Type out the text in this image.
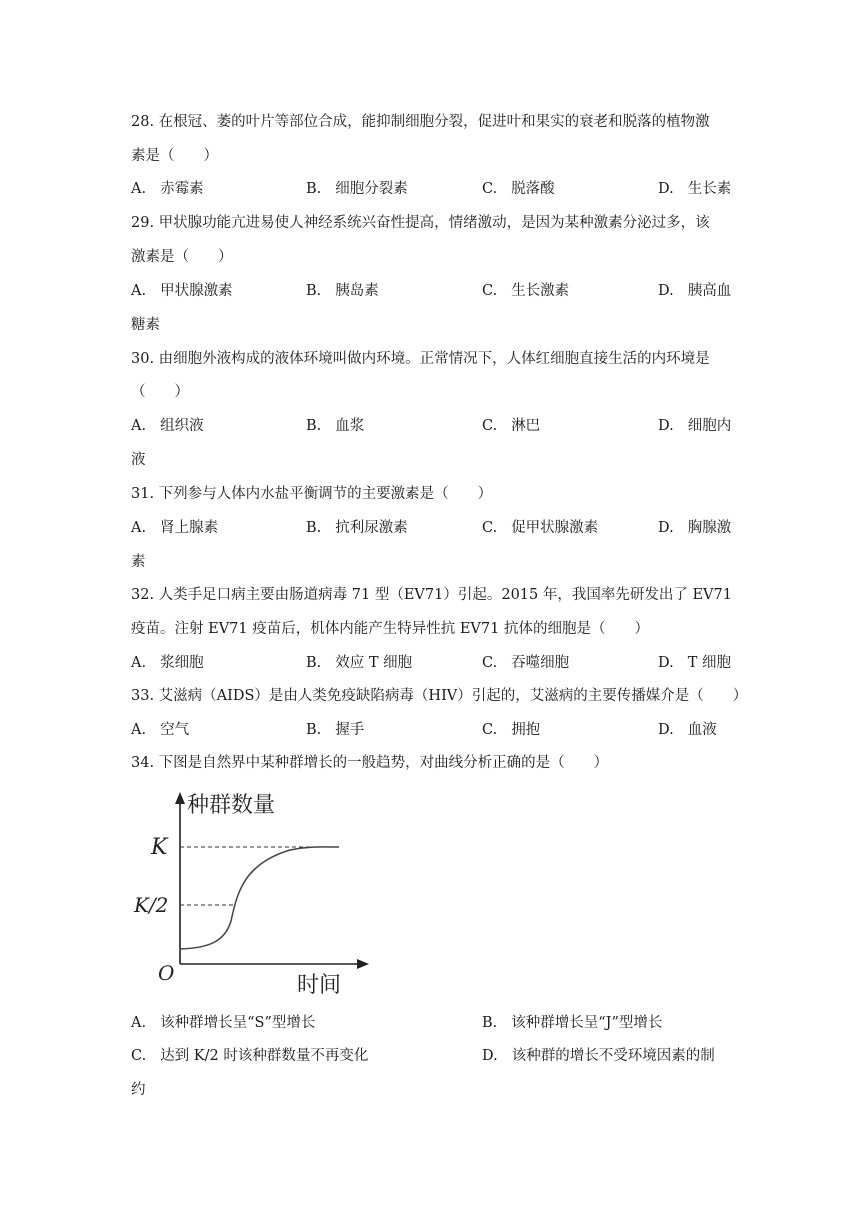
28. 在根冠、萎的叶片等部位合成，能抑制细胞分裂，促进叶和果实的衰老和脱落的植物激
素是（　　）
A. 赤霉素	B. 细胞分裂素	C. 脱落酸	D. 生长素
29. 甲状腺功能亢进易使人神经系统兴奋性提高，情绪激动，是因为某种激素分泌过多，该
激素是（　　）
A. 甲状腺激素	B. 胰岛素	C. 生长激素	D. 胰高血
糖素
30. 由细胞外液构成的液体环境叫做内环境。正常情况下，人体红细胞直接生活的内环境是
（　　）
A. 组织液	B. 血浆	C. 淋巴	D. 细胞内
液
31. 下列参与人体内水盐平衡调节的主要激素是（　　）
A. 肾上腺素	B. 抗利尿激素	C. 促甲状腺激素	D. 胸腺激
素
32. 人类手足口病主要由肠道病毒 71 型（EV71）引起。2015 年，我国率先研发出了 EV71
疫苗。注射 EV71 疫苗后，机体内能产生特异性抗 EV71 抗体的细胞是（　　）
A. 浆细胞	B. 效应 T 细胞	C. 吞噬细胞	D. T 细胞
33. 艾滋病（AIDS）是由人类免疫缺陷病毒（HIV）引起的，艾滋病的主要传播媒介是（　　）
A. 空气	B. 握手	C. 拥抱	D. 血液
34. 下图是自然界中某种群增长的一般趋势，对曲线分析正确的是（　　）
种群数量
时间
O
K
K/2
A. 该种群增长呈“S”型增长	B. 该种群增长呈“J”型增长
C. 达到 K/2 时该种群数量不再变化	D. 该种群的增长不受环境因素的制
约
